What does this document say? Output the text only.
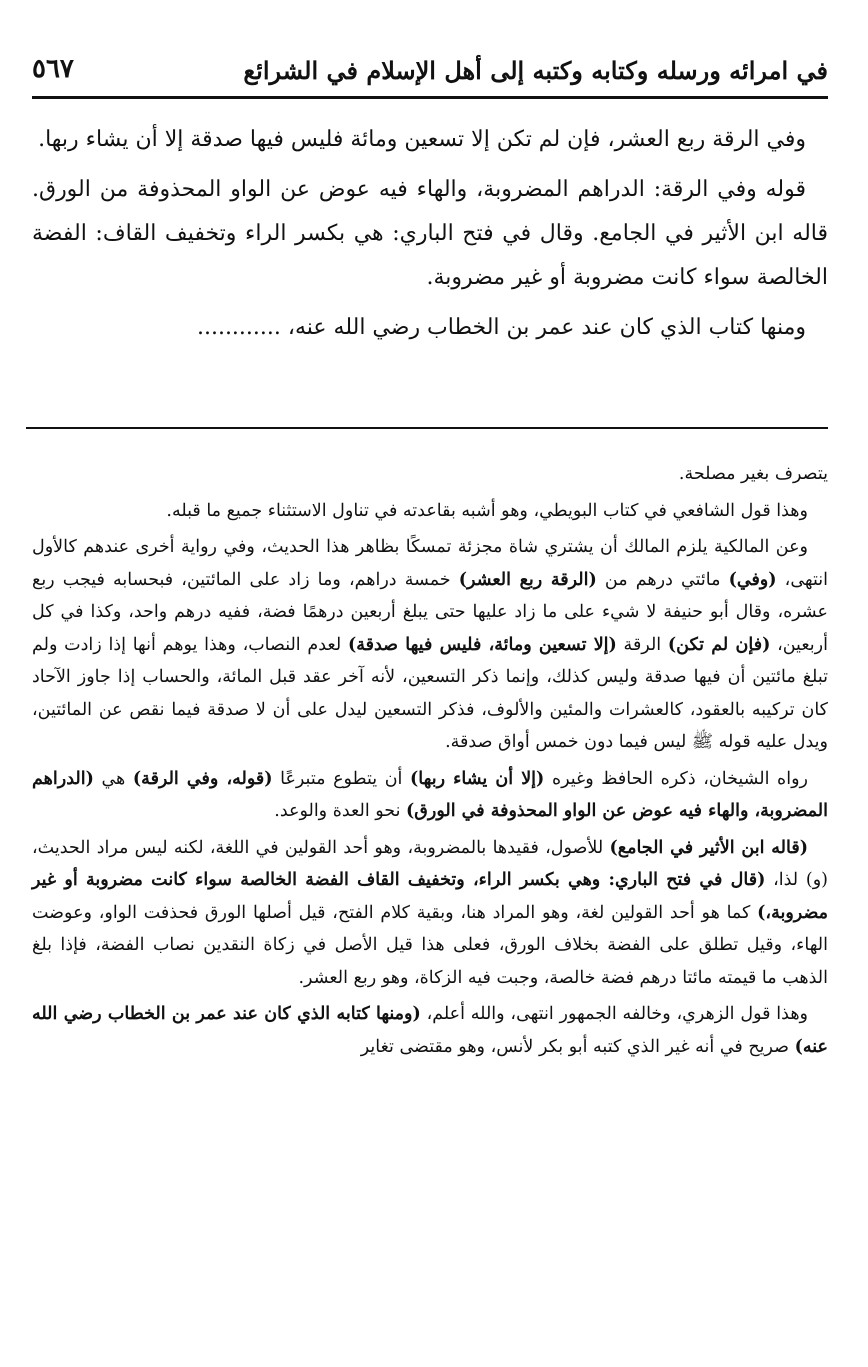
في امرائه ورسله وكتابه وكتبه إلى أهل الإسلام في الشرائع
٥٦٧

وفي الرقة ربع العشر، فإن لم تكن إلا تسعين ومائة فليس فيها صدقة إلا أن يشاء ربها.

قوله وفي الرقة: الدراهم المضروبة، والهاء فيه عوض عن الواو المحذوفة من الورق. قاله ابن الأثير في الجامع. وقال في فتح الباري: هي بكسر الراء وتخفيف القاف: الفضة الخالصة سواء كانت مضروبة أو غير مضروبة.

ومنها كتاب الذي كان عند عمر بن الخطاب رضي الله عنه، ............

يتصرف بغير مصلحة.

وهذا قول الشافعي في كتاب البويطي، وهو أشبه بقاعدته في تناول الاستثناء جميع ما قبله.

وعن المالكية يلزم المالك أن يشتري شاة مجزئة تمسكًا بظاهر هذا الحديث، وفي رواية أخرى عندهم كالأول انتهى، (وفي) مائتي درهم من (الرقة ربع العشر) خمسة دراهم، وما زاد على المائتين، فبحسابه فيجب ربع عشره، وقال أبو حنيفة لا شيء على ما زاد عليها حتى يبلغ أربعين درهمًا فضة، ففيه درهم واحد، وكذا في كل أربعين، (فإن لم تكن) الرقة (إلا تسعين ومائة، فليس فيها صدقة) لعدم النصاب، وهذا يوهم أنها إذا زادت ولم تبلغ مائتين أن فيها صدقة وليس كذلك، وإنما ذكر التسعين، لأنه آخر عقد قبل المائة، والحساب إذا جاوز الآحاد كان تركيبه بالعقود، كالعشرات والمئين والألوف، فذكر التسعين ليدل على أن لا صدقة فيما نقص عن المائتين، ويدل عليه قوله ﷺ ليس فيما دون خمس أواق صدقة.

رواه الشيخان، ذكره الحافظ وغيره (إلا أن يشاء ربها) أن يتطوع متبرعًا (قوله، وفي الرقة) هي (الدراهم المضروبة، والهاء فيه عوض عن الواو المحذوفة في الورق) نحو العدة والوعد.

(قاله ابن الأثير في الجامع) للأصول، فقيدها بالمضروبة، وهو أحد القولين في اللغة، لكنه ليس مراد الحديث، (و) لذا، (قال في فتح الباري: وهي بكسر الراء، وتخفيف القاف الفضة الخالصة سواء كانت مضروبة أو غير مضروبة،) كما هو أحد القولين لغة، وهو المراد هنا، وبقية كلام الفتح، قيل أصلها الورق فحذفت الواو، وعوضت الهاء، وقيل تطلق على الفضة بخلاف الورق، فعلى هذا قيل الأصل في زكاة النقدين نصاب الفضة، فإذا بلغ الذهب ما قيمته مائتا درهم فضة خالصة، وجبت فيه الزكاة، وهو ربع العشر.

وهذا قول الزهري، وخالفه الجمهور انتهى، والله أعلم، (ومنها كتابه الذي كان عند عمر بن الخطاب رضي الله عنه) صريح في أنه غير الذي كتبه أبو بكر لأنس، وهو مقتضى تغاير
